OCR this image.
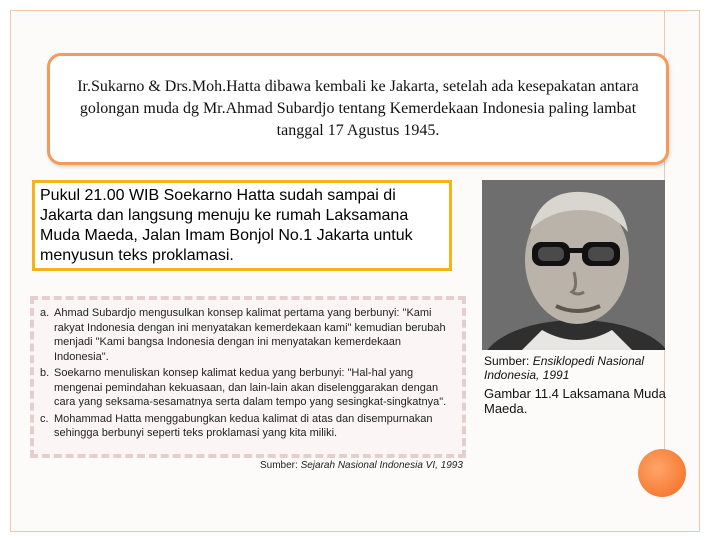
Ir.Sukarno & Drs.Moh.Hatta dibawa kembali ke Jakarta, setelah ada kesepakatan antara golongan muda dg Mr.Ahmad Subardjo tentang Kemerdekaan Indonesia paling lambat tanggal 17 Agustus 1945.
Pukul 21.00 WIB Soekarno Hatta sudah sampai di Jakarta dan langsung menuju ke rumah Laksamana Muda Maeda, Jalan Imam Bonjol No.1 Jakarta untuk menyusun teks proklamasi.
Sumber: Ensiklopedi Nasional Indonesia, 1991
Gambar 11.4 Laksamana Muda Maeda.
a. Ahmad Subardjo mengusulkan konsep kalimat pertama yang berbunyi: "Kami rakyat Indonesia dengan ini menyatakan kemerdekaan kami" kemudian berubah menjadi "Kami bangsa Indonesia dengan ini menyatakan kemerdekaan Indonesia".
b. Soekarno menuliskan konsep kalimat kedua yang berbunyi: "Hal-hal yang mengenai pemindahan kekuasaan, dan lain-lain akan diselenggarakan dengan cara yang seksama-sesamatnya serta dalam tempo yang sesingkat-singkatnya".
c. Mohammad Hatta menggabungkan kedua kalimat di atas dan disempurnakan sehingga berbunyi seperti teks proklamasi yang kita miliki.
Sumber: Sejarah Nasional Indonesia VI, 1993
